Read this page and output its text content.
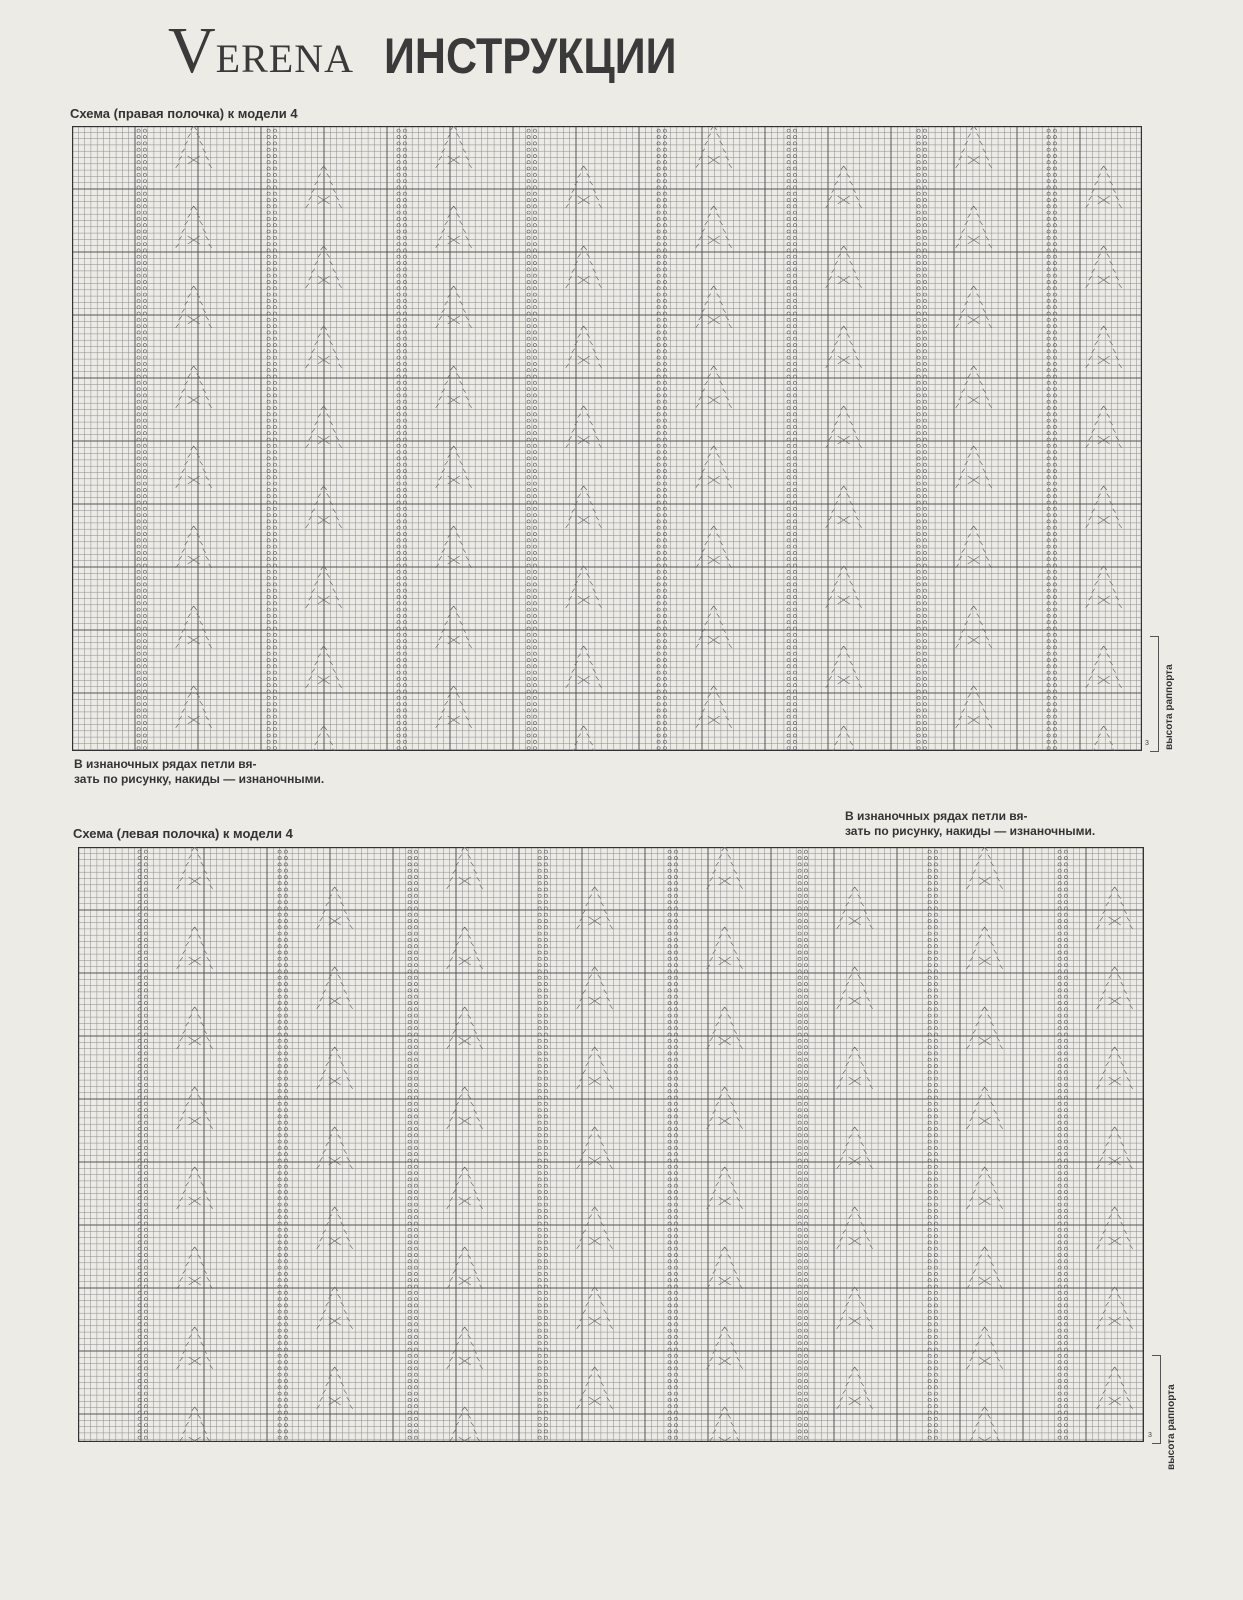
VERENA ИНСТРУКЦИИ
Схема (правая полочка) к модели 4
высота раппорта
3
В изнаночных рядах петли вя-
зать по рисунку, накиды — изнаночными.
В изнаночных рядах петли вя-
зать по рисунку, накиды — изнаночными.
Схема (левая полочка) к модели 4
высота раппорта
3
